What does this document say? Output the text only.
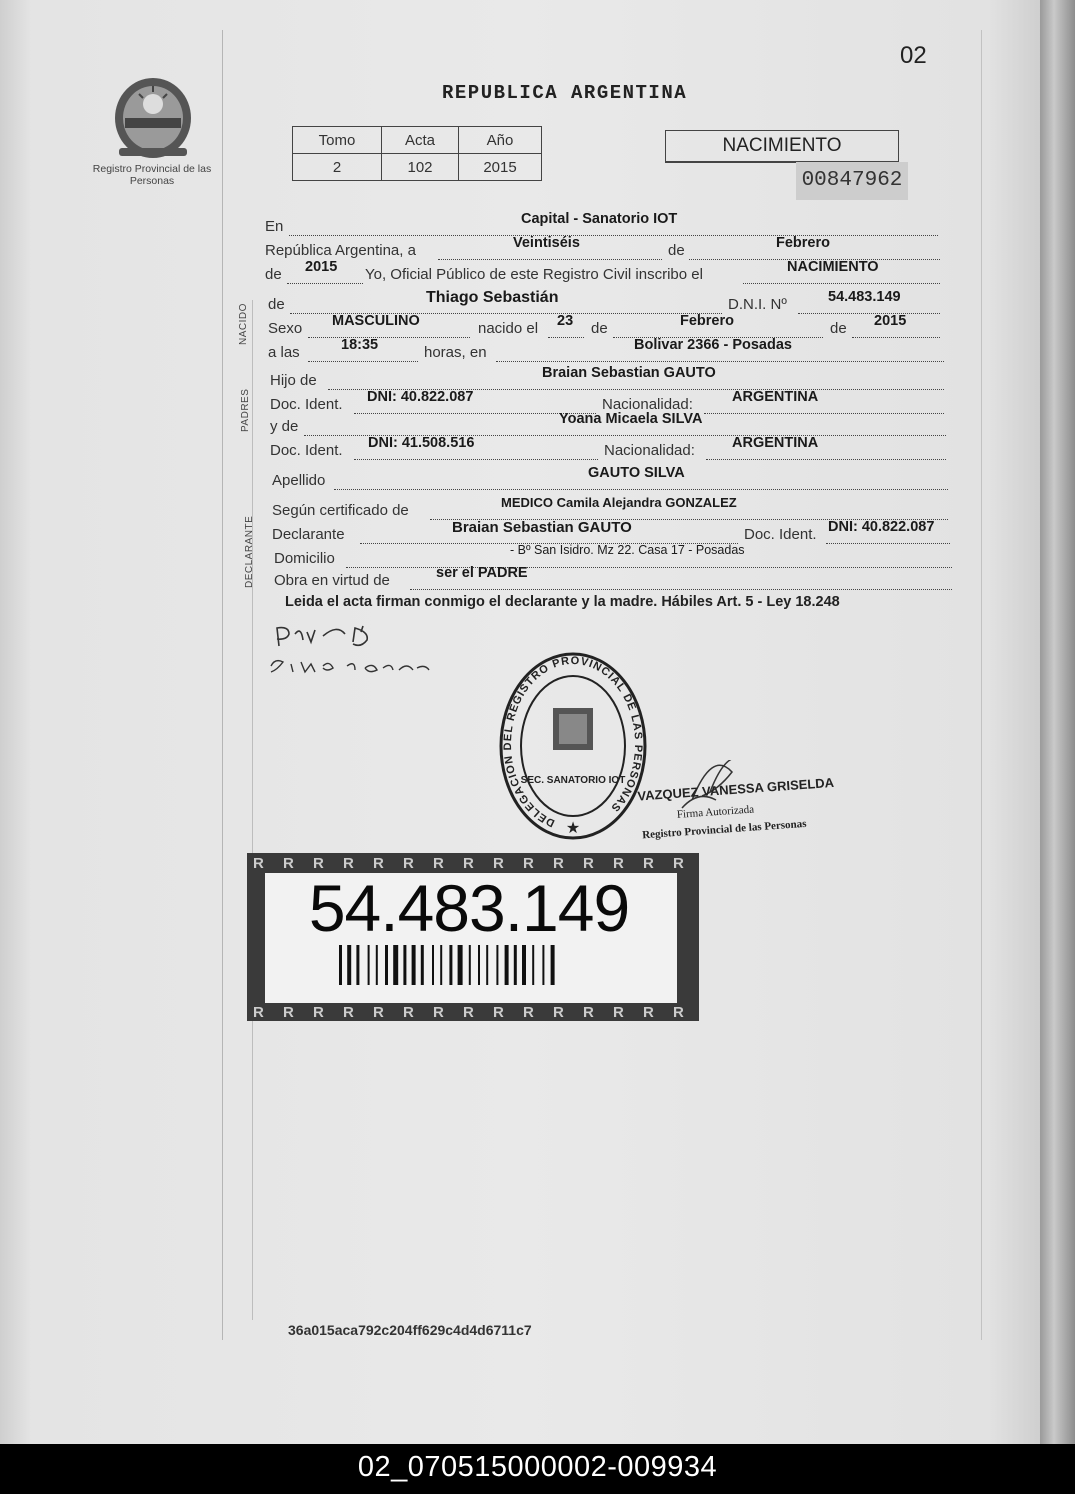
Registro Provincial de las Personas
02
REPUBLICA ARGENTINA
Tomo	Acta	Año
2	102	2015
NACIMIENTO
00847962
En	Capital - Sanatorio IOT
República Argentina, a	Veintiséis	de	Febrero
de 2015 Yo, Oficial Público de este Registro Civil inscribo el	NACIMIENTO
NACIDO de	Thiago Sebastián	D.N.I. Nº	54.483.149
Sexo MASCULINO	nacido el 23 de	Febrero	de 2015
a las	18:35	horas, en	Bolivar 2366 - Posadas
PADRES
Hijo de	Braian Sebastian GAUTO
Doc. Ident. DNI: 40.822.087	Nacionalidad:	ARGENTINA
y de	Yoana Micaela SILVA
Doc. Ident. DNI: 41.508.516	Nacionalidad:	ARGENTINA
Apellido	GAUTO SILVA
DECLARANTE
Según certificado de	MEDICO Camila Alejandra GONZALEZ
Declarante	Braian Sebastian GAUTO	Doc. Ident. DNI: 40.822.087
Domicilio	- Bº San Isidro. Mz 22. Casa 17 - Posadas
Obra en virtud de	ser el PADRE
Leida el acta firman conmigo el declarante y la madre. Hábiles Art. 5 - Ley 18.248
DELEGACION DEL REGISTRO PROVINCIAL DE LAS PERSONAS
SEC. SANATORIO IOT
★
VAZQUEZ VANESSA GRISELDA
Firma Autorizada
Registro Provincial de las Personas
R
R
R
R
R
R
R
R
R
R
R
R
R
R
R
R
R
R
R
R
R
R
R
R
R
R
R
R
R
R
54.483.149
36a015aca792c204ff629c4d4d6711c7
02_070515000002-009934
